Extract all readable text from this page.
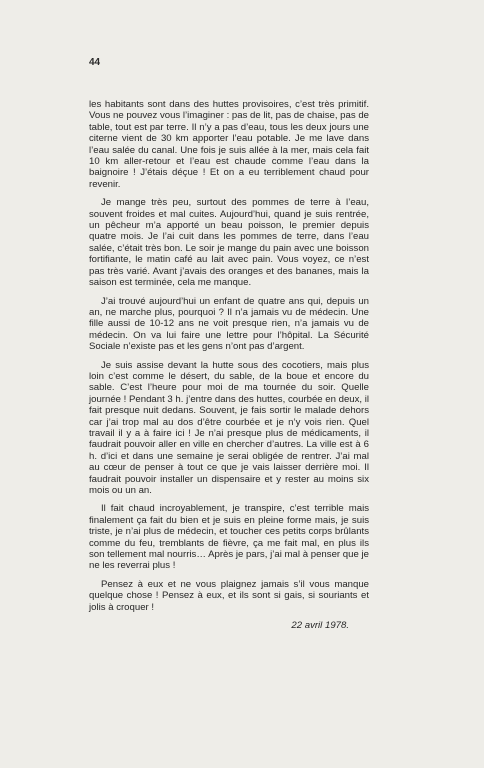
44

les habitants sont dans des huttes provisoires, c’est très primitif. Vous ne pouvez vous l’imaginer : pas de lit, pas de chaise, pas de table, tout est par terre. Il n’y a pas d’eau, tous les deux jours une citerne vient de 30 km apporter l’eau potable. Je me lave dans l’eau salée du canal. Une fois je suis allée à la mer, mais cela fait 10 km aller-retour et l’eau est chaude comme l’eau dans la baignoire ! J’étais déçue ! Et on a eu terriblement chaud pour revenir.

Je mange très peu, surtout des pommes de terre à l’eau, souvent froides et mal cuites. Aujourd’hui, quand je suis rentrée, un pêcheur m’a apporté un beau poisson, le premier depuis quatre mois. Je l’ai cuit dans les pommes de terre, dans l’eau salée, c’était très bon. Le soir je mange du pain avec une boisson fortifiante, le matin café au lait avec pain. Vous voyez, ce n’est pas très varié. Avant j’avais des oranges et des bananes, mais la saison est terminée, cela me manque.

J’ai trouvé aujourd’hui un enfant de quatre ans qui, depuis un an, ne marche plus, pourquoi ? Il n’a jamais vu de médecin. Une fille aussi de 10-12 ans ne voit presque rien, n’a jamais vu de médecin. On va lui faire une lettre pour l’hôpital. La Sécurité Sociale n’existe pas et les gens n’ont pas d’argent.

Je suis assise devant la hutte sous des cocotiers, mais plus loin c’est comme le désert, du sable, de la boue et encore du sable. C’est l’heure pour moi de ma tournée du soir. Quelle journée ! Pendant 3 h. j’entre dans des huttes, courbée en deux, il fait presque nuit dedans. Souvent, je fais sortir le malade dehors car j’ai trop mal au dos d’être courbée et je n’y vois rien. Quel travail il y a à faire ici ! Je n’ai presque plus de médicaments, il faudrait pouvoir aller en ville en chercher d’autres. La ville est à 6 h. d’ici et dans une semaine je serai obligée de rentrer. J’ai mal au cœur de penser à tout ce que je vais laisser derrière moi. Il faudrait pouvoir installer un dispensaire et y rester au moins six mois ou un an.

Il fait chaud incroyablement, je transpire, c’est terrible mais finalement ça fait du bien et je suis en pleine forme mais, je suis triste, je n’ai plus de médecin, et toucher ces petits corps brûlants comme du feu, tremblants de fièvre, ça me fait mal, en plus ils son tellement mal nourris… Après je pars, j’ai mal à penser que je ne les reverrai plus !

Pensez à eux et ne vous plaignez jamais s’il vous manque quelque chose ! Pensez à eux, et ils sont si gais, si souriants et jolis à croquer !

22 avril 1978.
